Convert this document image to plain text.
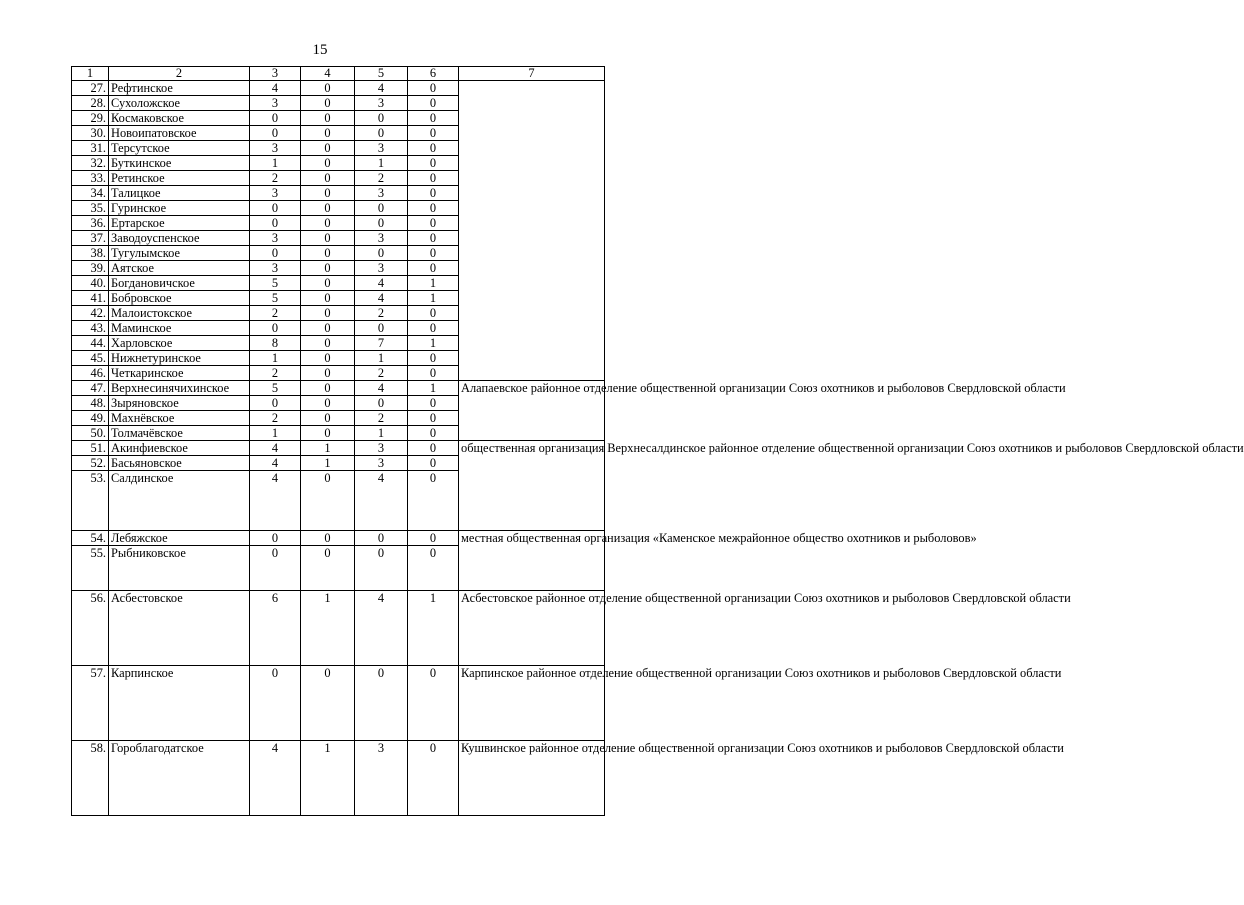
15
1	2	3	4	5	6	7
27.	Рефтинское	4	0	4	0	
28.	Сухоложское	3	0	3	0	
29.	Космаковское	0	0	0	0	
30.	Новоипатовское	0	0	0	0	
31.	Терсутское	3	0	3	0	
32.	Буткинское	1	0	1	0	
33.	Ретинское	2	0	2	0	
34.	Талицкое	3	0	3	0	
35.	Гуринское	0	0	0	0	
36.	Ертарское	0	0	0	0	
37.	Заводоуспенское	3	0	3	0	
38.	Тугулымское	0	0	0	0	
39.	Аятское	3	0	3	0	
40.	Богдановичское	5	0	4	1	
41.	Бобровское	5	0	4	1	
42.	Малоистокское	2	0	2	0	
43.	Маминское	0	0	0	0	
44.	Харловское	8	0	7	1	
45.	Нижнетуринское	1	0	1	0	
46.	Четкаринское	2	0	2	0	
47.	Верхнесинячихинское	5	0	4	1	Алапаевское районное отделение общественной организации Союз охотников и рыболовов Свердловской области
48.	Зыряновское	0	0	0	0	
49.	Махнёвское	2	0	2	0	
50.	Толмачёвское	1	0	1	0	
51.	Акинфиевское	4	1	3	0	общественная организация Верхнесалдинское районное отделение общественной организации Союз охотников и рыболовов Свердловской области
52.	Басьяновское	4	1	3	0	
53.	Салдинское	4	0	4	0	
54.	Лебяжское	0	0	0	0	местная общественная организация «Каменское межрайонное общество охотников и рыболовов»
55.	Рыбниковское	0	0	0	0	
56.	Асбестовское	6	1	4	1	Асбестовское районное отделение общественной организации Союз охотников и рыболовов Свердловской области
57.	Карпинское	0	0	0	0	Карпинское районное отделение общественной организации Союз охотников и рыболовов Свердловской области
58.	Гороблагодатское	4	1	3	0	Кушвинское районное отделение общественной организации Союз охотников и рыболовов Свердловской области
